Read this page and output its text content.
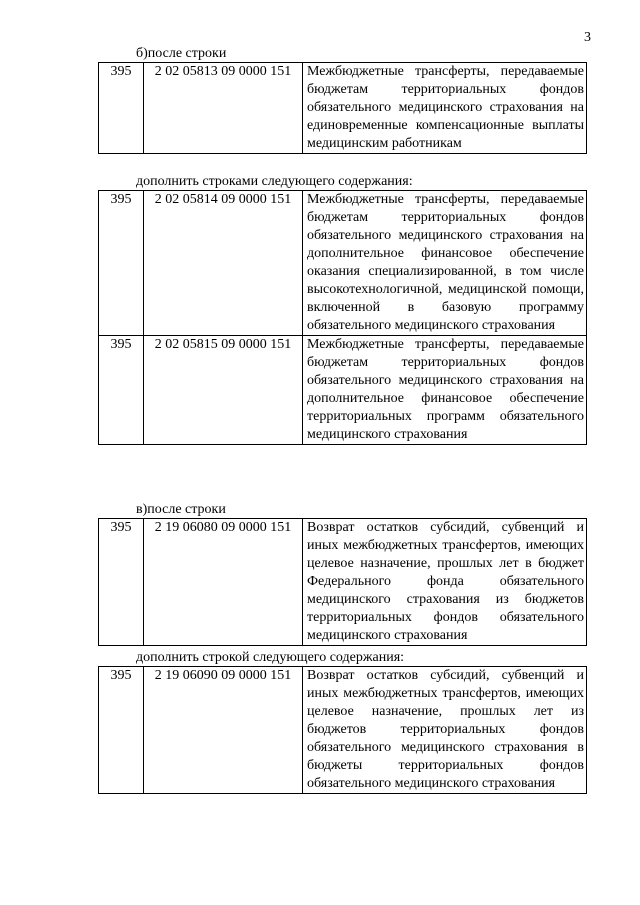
3
б)после строки
395	2 02 05813 09 0000 151	Межбюджетные трансферты, передаваемые бюджетам территориальных фондов обязательного медицинского страхования на единовременные компенсационные выплаты медицинским работникам
дополнить строками следующего содержания:
395	2 02 05814 09 0000 151	Межбюджетные трансферты, передаваемые бюджетам территориальных фондов обязательного медицинского страхования на дополнительное финансовое обеспечение оказания специализированной, в том числе высокотехнологичной, медицинской помощи, включенной в базовую программу обязательного медицинского страхования
395	2 02 05815 09 0000 151	Межбюджетные трансферты, передаваемые бюджетам территориальных фондов обязательного медицинского страхования на дополнительное финансовое обеспечение территориальных программ обязательного медицинского страхования
в)после строки
395	2 19 06080 09 0000 151	Возврат остатков субсидий, субвенций и иных межбюджетных трансфертов, имеющих целевое назначение, прошлых лет в бюджет Федерального фонда обязательного медицинского страхования из бюджетов территориальных фондов обязательного медицинского страхования
дополнить строкой следующего содержания:
395	2 19 06090 09 0000 151	Возврат остатков субсидий, субвенций и иных межбюджетных трансфертов, имеющих целевое назначение, прошлых лет из бюджетов территориальных фондов обязательного медицинского страхования в бюджеты территориальных фондов обязательного медицинского страхования
